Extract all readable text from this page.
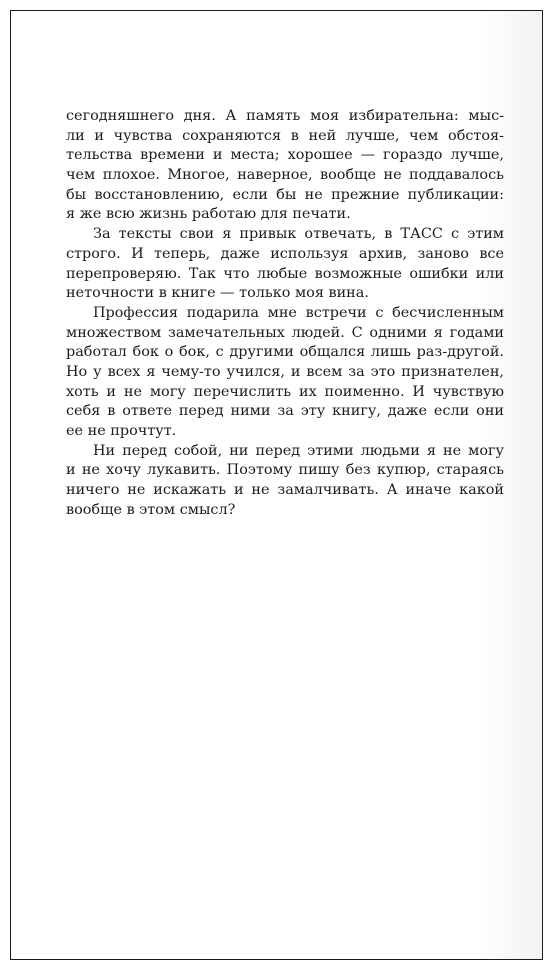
сегодняшнего дня. А память моя избирательна: мыс-
ли и чувства сохраняются в ней лучше, чем обстоя-
тельства времени и места; хорошее — гораздо лучше,
чем плохое. Многое, наверное, вообще не поддавалось
бы восстановлению, если бы не прежние публикации:
я же всю жизнь работаю для печати.
За тексты свои я привык отвечать, в ТАСС с этим
строго. И теперь, даже используя архив, заново все
перепроверяю. Так что любые возможные ошибки или
неточности в книге — только моя вина.
Профессия подарила мне встречи с бесчисленным
множеством замечательных людей. С одними я годами
работал бок о бок, с другими общался лишь раз-другой.
Но у всех я чему-то учился, и всем за это признателен,
хоть и не могу перечислить их поименно. И чувствую
себя в ответе перед ними за эту книгу, даже если они
ее не прочтут.
Ни перед собой, ни перед этими людьми я не могу
и не хочу лукавить. Поэтому пишу без купюр, стараясь
ничего не искажать и не замалчивать. А иначе какой
вообще в этом смысл?
